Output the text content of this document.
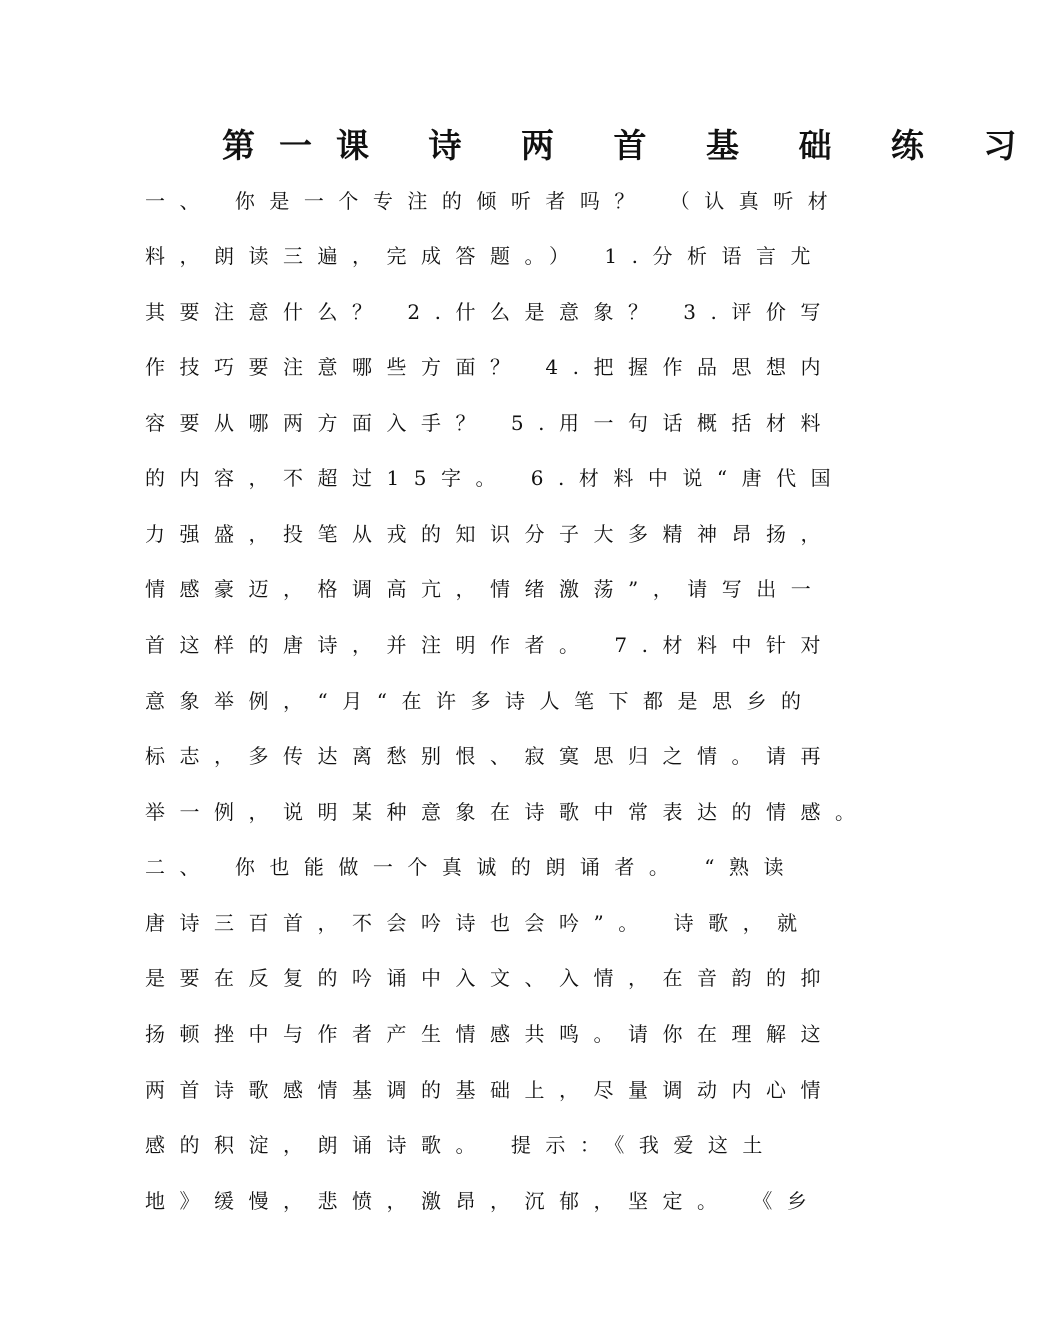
第一课 诗 两 首 基 础 练 习
一、 你是一个专注的倾听者吗？ （认真听材
料，朗读三遍，完成答题。） 1.分析语言尤
其要注意什么？ 2.什么是意象？ 3.评价写
作技巧要注意哪些方面？ 4.把握作品思想内
容要从哪两方面入手？ 5.用一句话概括材料
的内容，不超过15字。 6.材料中说“唐代国
力强盛，投笔从戎的知识分子大多精神昂扬，
情感豪迈，格调高亢，情绪激荡”，请写出一
首这样的唐诗，并注明作者。 7.材料中针对
意象举例，“月“在许多诗人笔下都是思乡的
标志，多传达离愁别恨、寂寞思归之情。请再
举一例，说明某种意象在诗歌中常表达的情感。
二、 你也能做一个真诚的朗诵者。 “熟读
唐诗三百首，不会吟诗也会吟”。 诗歌，就
是要在反复的吟诵中入文、入情，在音韵的抑
扬顿挫中与作者产生情感共鸣。请你在理解这
两首诗歌感情基调的基础上，尽量调动内心情
感的积淀，朗诵诗歌。 提示：《我爱这土
地》缓慢，悲愤，激昂，沉郁，坚定。 《乡
